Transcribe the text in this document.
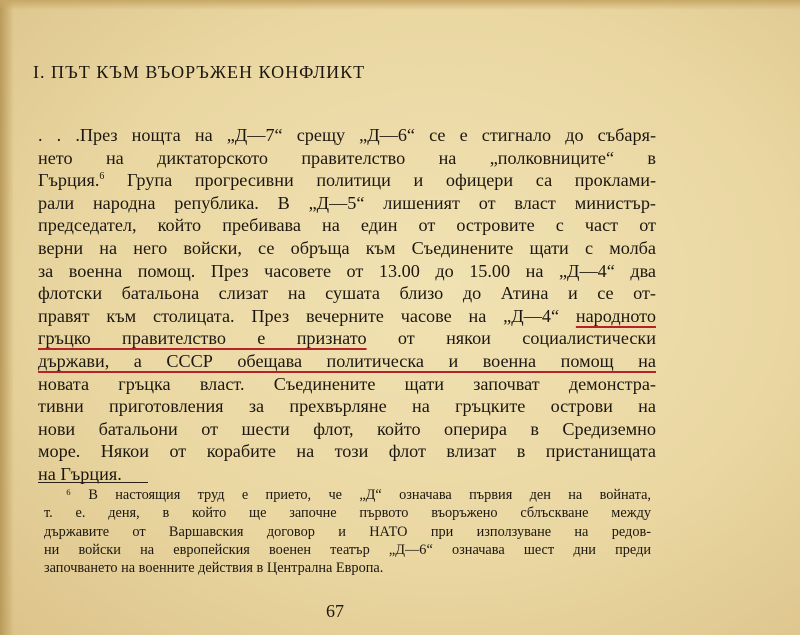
I. ПЪТ КЪМ ВЪОРЪЖЕН КОНФЛИКТ
. . .През нощта на „Д—7“ срещу „Д—6“ се е стигнало до събаря-
нето на диктаторското правителство на „полковниците“ в
Гърция.$^6$ Група прогресивни политици и офицери са проклами-
рали народна република. В „Д—5“ лишеният от власт министър-
председател, който пребивава на един от островите с част от
верни на него войски, се обръща към Съединените щати с молба
за военна помощ. През часовете от 13.00 до 15.00 на „Д—4“ два
флотски батальона слизат на сушата близо до Атина и се от-
правят към столицата. През вечерните часове на „Д—4“ народното
гръцко правителство е признато от някои социалистически
държави, а СССР обещава политическа и военна помощ на
новата гръцка власт. Съединените щати започват демонстра-
тивни приготовления за прехвърляне на гръцките острови на
нови батальони от шести флот, който оперира в Средиземно
море. Някои от корабите на този флот влизат в пристанищата
на Гърция.
⁶ В настоящия труд е прието, че „Д“ означава първия ден на войната,
т. е. деня, в който ще започне първото въоръжено сблъскване между
държавите от Варшавския договор и НАТО при използуване на редов-
ни войски на европейския военен театър „Д—6“ означава шест дни преди
започването на военните действия в Централна Европа.
67
